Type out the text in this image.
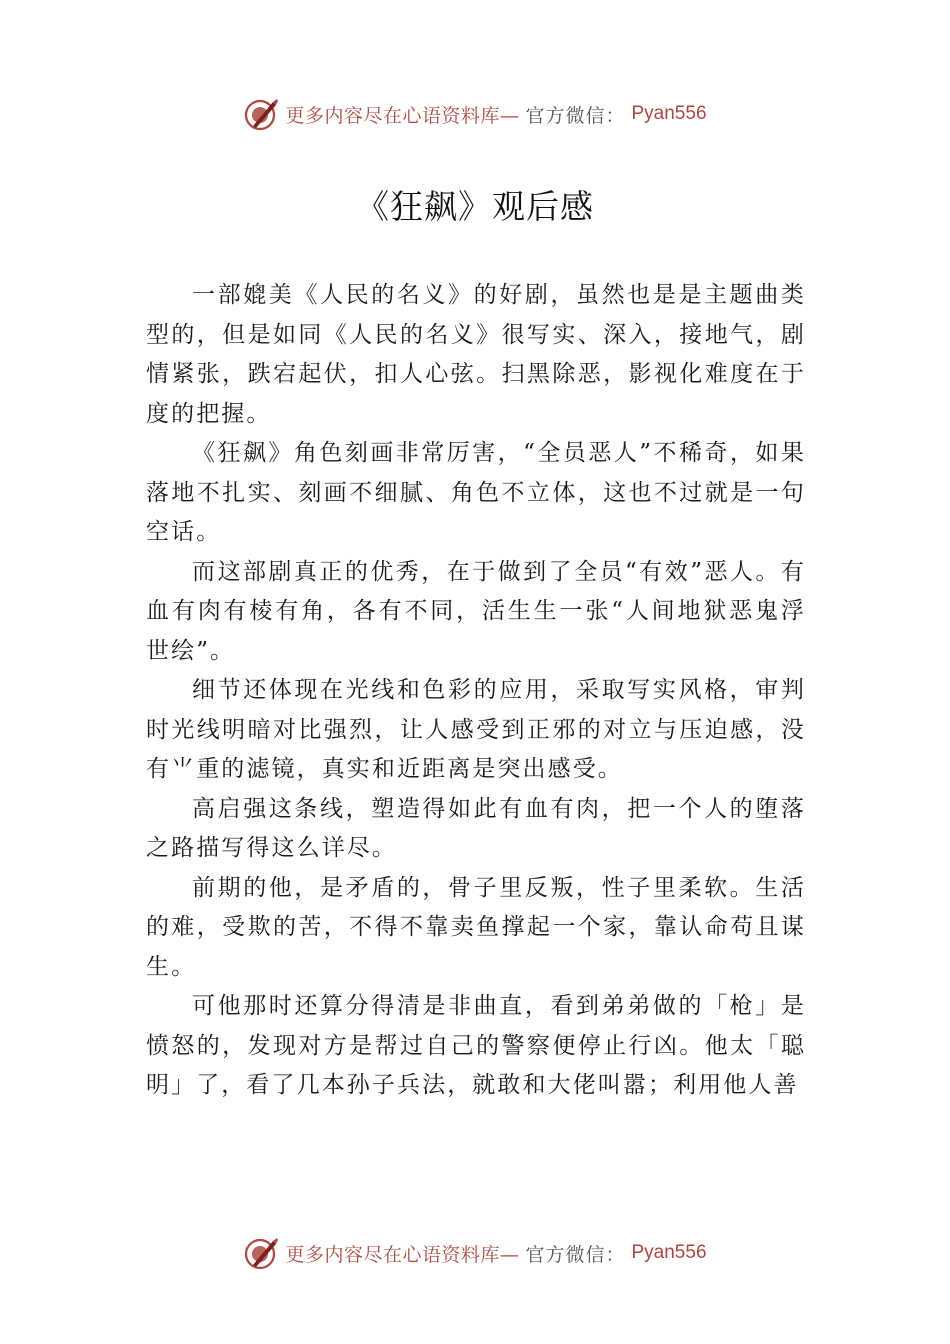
更多内容尽在心语资料库— 官方微信： Pyan556
《狂飙》观后感

一部媲美《人民的名义》的好剧，虽然也是是主题曲类型的，但是如同《人民的名义》很写实、深入，接地气，剧情紧张，跌宕起伏，扣人心弦。扫黑除恶，影视化难度在于度的把握。

《狂飙》角色刻画非常厉害，“全员恶人”不稀奇，如果落地不扎实、刻画不细腻、角色不立体，这也不过就是一句空话。

而这部剧真正的优秀，在于做到了全员“有效”恶人。有血有肉有棱有角，各有不同，活生生一张“人间地狱恶鬼浮世绘”。

细节还体现在光线和色彩的应用，采取写实风格，审判时光线明暗对比强烈，让人感受到正邪的对立与压迫感，没有⺌重的滤镜，真实和近距离是突出感受。

高启强这条线，塑造得如此有血有肉，把一个人的堕落之路描写得这么详尽。

前期的他，是矛盾的，骨子里反叛，性子里柔软。生活的难，受欺的苦，不得不靠卖鱼撑起一个家，靠认命苟且谋生。

可他那时还算分得清是非曲直，看到弟弟做的「枪」是愤怒的，发现对方是帮过自己的警察便停止行凶。他太「聪明」了，看了几本孙子兵法，就敢和大佬叫嚣；利用他人善

更多内容尽在心语资料库— 官方微信： Pyan556
